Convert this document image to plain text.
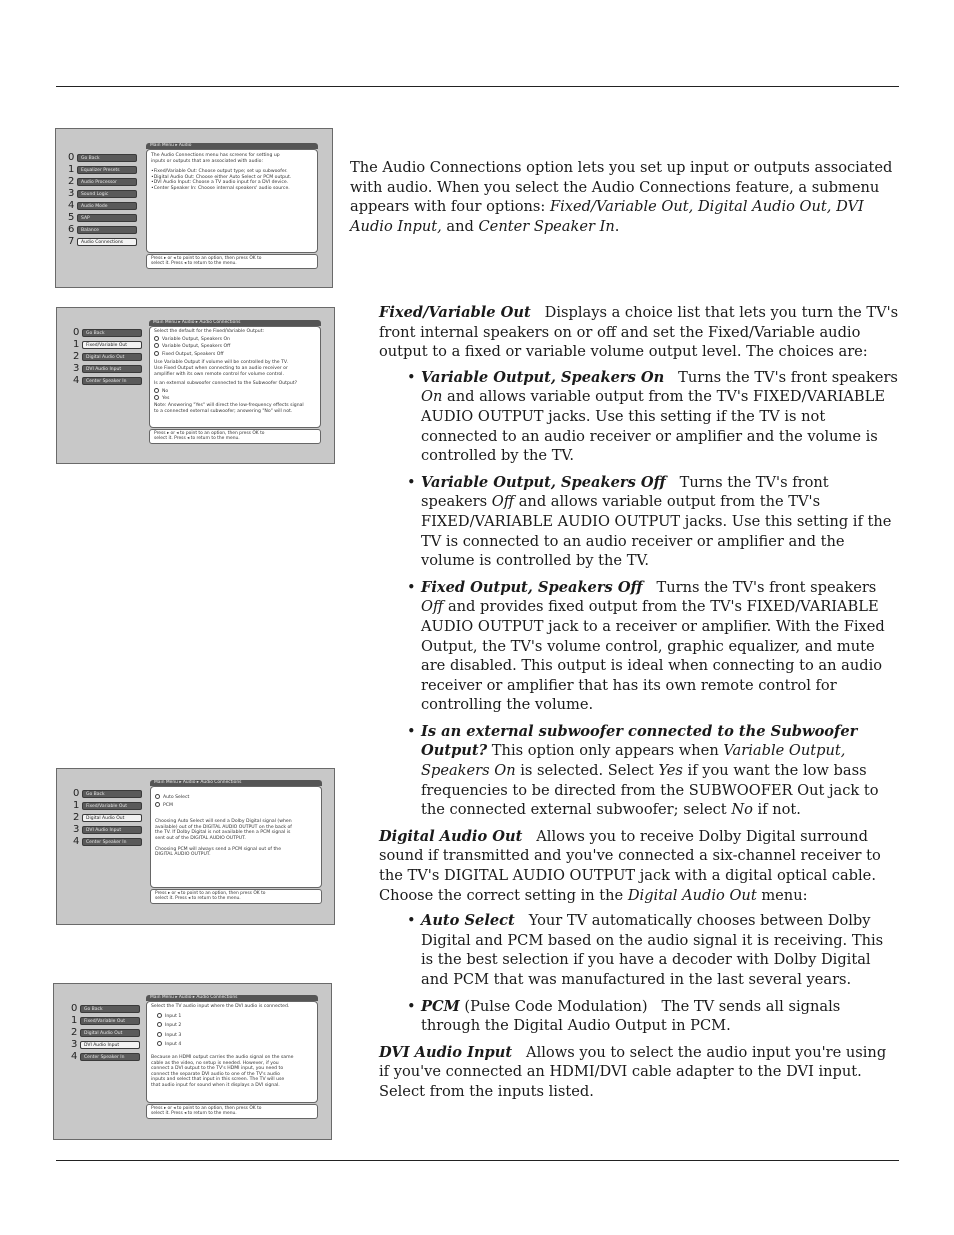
0	Go Back
1	Equalizer Presets
2	Audio Processor
3	Sound Logic
4	Audio Mode
5	SAP
6	Balance
7	Audio Connections
Main Menu ▸ Audio
The Audio Connections menu has screens for setting up
inputs or outputs that are associated with audio:
•Fixed/Variable Out: Choose output type; set up subwoofer.
•Digital Audio Out: Choose either Auto Select or PCM output.
•DVI Audio Input: Choose a TV audio input for a DVI device.
•Center Speaker In: Choose internal speakers' audio source.
Press ▸ or ◂ to point to an option, then press OK to
select it. Press ◂ to return to the menu.
0	Go Back
1	Fixed/Variable Out
2	Digital Audio Out
3	DVI Audio Input
4	Center Speaker In
Main Menu ▸ Audio ▸ Audio Connections
Select the default for the Fixed/Variable Output:
Variable Output, Speakers On
Variable Output, Speakers Off
Fixed Output, Speakers Off
Use Variable Output if volume will be controlled by the TV.
Use Fixed Output when connecting to an audio receiver or
amplifier with its own remote control for volume control.
Is an external subwoofer connected to the Subwoofer Output?
No
Yes
Note: Answering "Yes" will direct the low-frequency effects signal
to a connected external subwoofer; answering "No" will not.
Press ▸ or ◂ to point to an option, then press OK to
select it. Press ◂ to return to the menu.
0	Go Back
1	Fixed/Variable Out
2	Digital Audio Out
3	DVI Audio Input
4	Center Speaker In
Main Menu ▸ Audio ▸ Audio Connections
Auto Select
PCM
Choosing Auto Select will send a Dolby Digital signal (when
available) out of the DIGITAL AUDIO OUTPUT on the back of
the TV. If Dolby Digital is not available then a PCM signal is
sent out of the DIGITAL AUDIO OUTPUT.
Choosing PCM will always send a PCM signal out of the
DIGITAL AUDIO OUTPUT.
Press ▸ or ◂ to point to an option, then press OK to
select it. Press ◂ to return to the menu.
0	Go Back
1	Fixed/Variable Out
2	Digital Audio Out
3	DVI Audio Input
4	Center Speaker In
Main Menu ▸ Audio ▸ Audio Connections
Select the TV audio input where the DVI audio is connected.
Input 1
Input 2
Input 3
Input 4
Because an HDMI output carries the audio signal on the same
cable as the video, no setup is needed. However, if you
connect a DVI output to the TV's HDMI input, you need to
connect the separate DVI audio to one of the TV's audio
inputs and select that input in this screen. The TV will use
that audio input for sound when it displays a DVI signal.
Press ▸ or ◂ to point to an option, then press OK to
select it. Press ◂ to return to the menu.

The Audio Connections option lets you set up input or outputs associated with audio. When you select the Audio Connections feature, a submenu appears with four options: Fixed/Variable Out, Digital Audio Out, DVI Audio Input, and Center Speaker In.

Fixed/Variable Out Displays a choice list that lets you turn the TV's front internal speakers on or off and set the Fixed/Variable audio output to a fixed or variable volume output level. The choices are:

• Variable Output, Speakers On Turns the TV's front speakers On and allows variable output from the TV's FIXED/VARIABLE AUDIO OUTPUT jacks. Use this setting if the TV is not connected to an audio receiver or amplifier and the volume is controlled by the TV.
• Variable Output, Speakers Off Turns the TV's front speakers Off and allows variable output from the TV's FIXED/VARIABLE AUDIO OUTPUT jacks. Use this setting if the TV is connected to an audio receiver or amplifier and the volume is controlled by the TV.
• Fixed Output, Speakers Off Turns the TV's front speakers Off and provides fixed output from the TV's FIXED/VARIABLE AUDIO OUTPUT jack to a receiver or amplifier. With the Fixed Output, the TV's volume control, graphic equalizer, and mute are disabled. This output is ideal when connecting to an audio receiver or amplifier that has its own remote control for controlling the volume.
• Is an external subwoofer connected to the Subwoofer Output? This option only appears when Variable Output, Speakers On is selected. Select Yes if you want the low bass frequencies to be directed from the SUBWOOFER Out jack to the connected external subwoofer; select No if not.

Digital Audio Out Allows you to receive Dolby Digital surround sound if transmitted and you've connected a six-channel receiver to the TV's DIGITAL AUDIO OUTPUT jack with a digital optical cable. Choose the correct setting in the Digital Audio Out menu:

• Auto Select Your TV automatically chooses between Dolby Digital and PCM based on the audio signal it is receiving. This is the best selection if you have a decoder with Dolby Digital and PCM that was manufactured in the last several years.
• PCM (Pulse Code Modulation) The TV sends all signals through the Digital Audio Output in PCM.

DVI Audio Input Allows you to select the audio input you're using if you've connected an HDMI/DVI cable adapter to the DVI input. Select from the inputs listed.
